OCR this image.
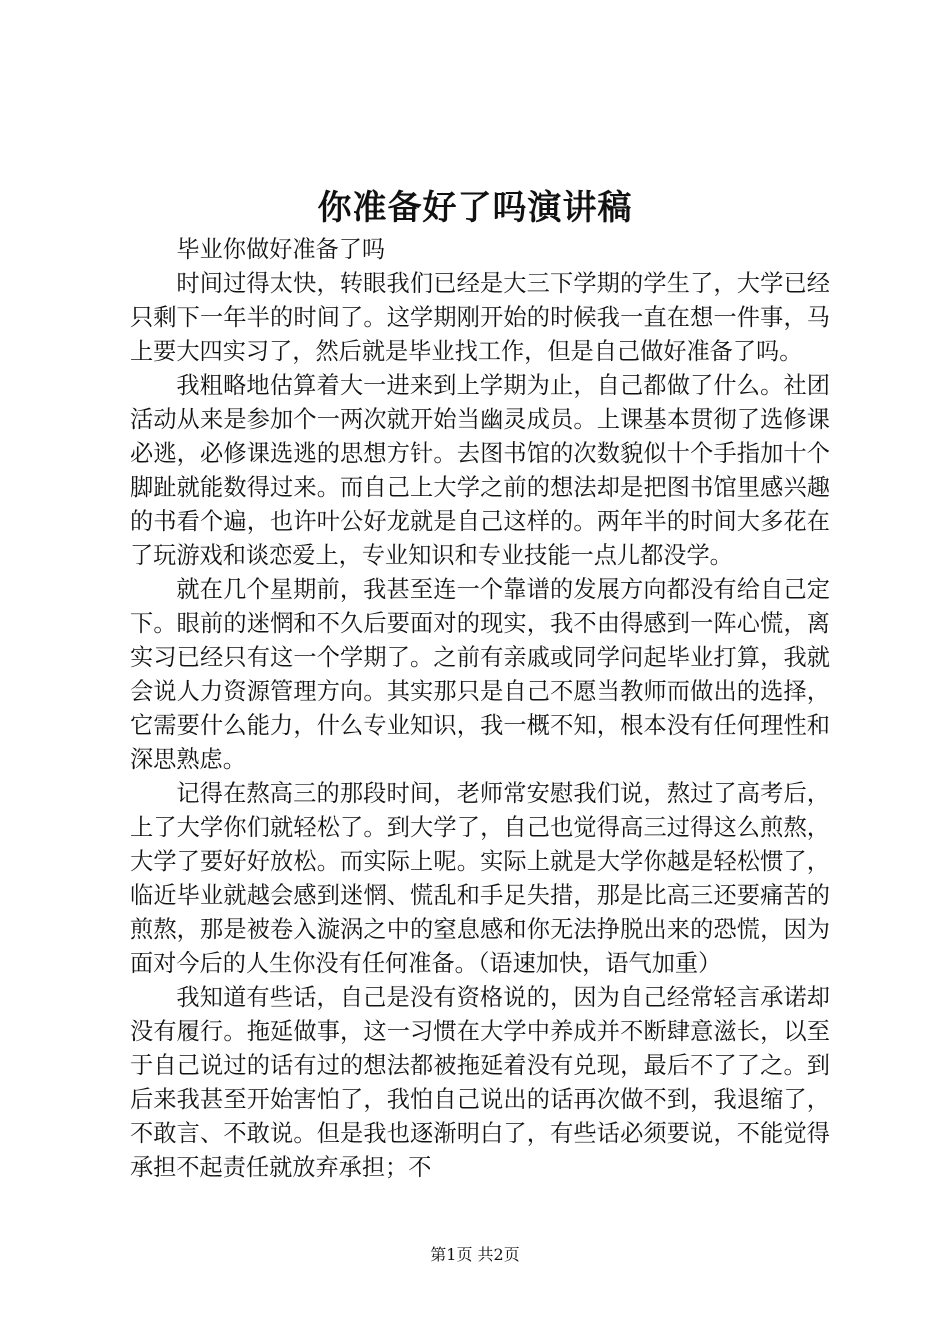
你准备好了吗演讲稿

毕业你做好准备了吗

时间过得太快，转眼我们已经是大三下学期的学生了，大学已经只剩下一年半的时间了。这学期刚开始的时候我一直在想一件事，马上要大四实习了，然后就是毕业找工作，但是自己做好准备了吗。

我粗略地估算着大一进来到上学期为止，自己都做了什么。社团活动从来是参加个一两次就开始当幽灵成员。上课基本贯彻了选修课必逃，必修课选逃的思想方针。去图书馆的次数貌似十个手指加十个脚趾就能数得过来。而自己上大学之前的想法却是把图书馆里感兴趣的书看个遍，也许叶公好龙就是自己这样的。两年半的时间大多花在了玩游戏和谈恋爱上，专业知识和专业技能一点儿都没学。

就在几个星期前，我甚至连一个靠谱的发展方向都没有给自己定下。眼前的迷惘和不久后要面对的现实，我不由得感到一阵心慌，离实习已经只有这一个学期了。之前有亲戚或同学问起毕业打算，我就会说人力资源管理方向。其实那只是自己不愿当教师而做出的选择，它需要什么能力，什么专业知识，我一概不知，根本没有任何理性和深思熟虑。

记得在熬高三的那段时间，老师常安慰我们说，熬过了高考后，上了大学你们就轻松了。到大学了，自己也觉得高三过得这么煎熬，大学了要好好放松。而实际上呢。实际上就是大学你越是轻松惯了，临近毕业就越会感到迷惘、慌乱和手足失措，那是比高三还要痛苦的煎熬，那是被卷入漩涡之中的窒息感和你无法挣脱出来的恐慌，因为面对今后的人生你没有任何准备。（语速加快，语气加重）

我知道有些话，自己是没有资格说的，因为自己经常轻言承诺却没有履行。拖延做事，这一习惯在大学中养成并不断肆意滋长，以至于自己说过的话有过的想法都被拖延着没有兑现，最后不了了之。到后来我甚至开始害怕了，我怕自己说出的话再次做不到，我退缩了，不敢言、不敢说。但是我也逐渐明白了，有些话必须要说，不能觉得承担不起责任就放弃承担；不

第1页 共2页
